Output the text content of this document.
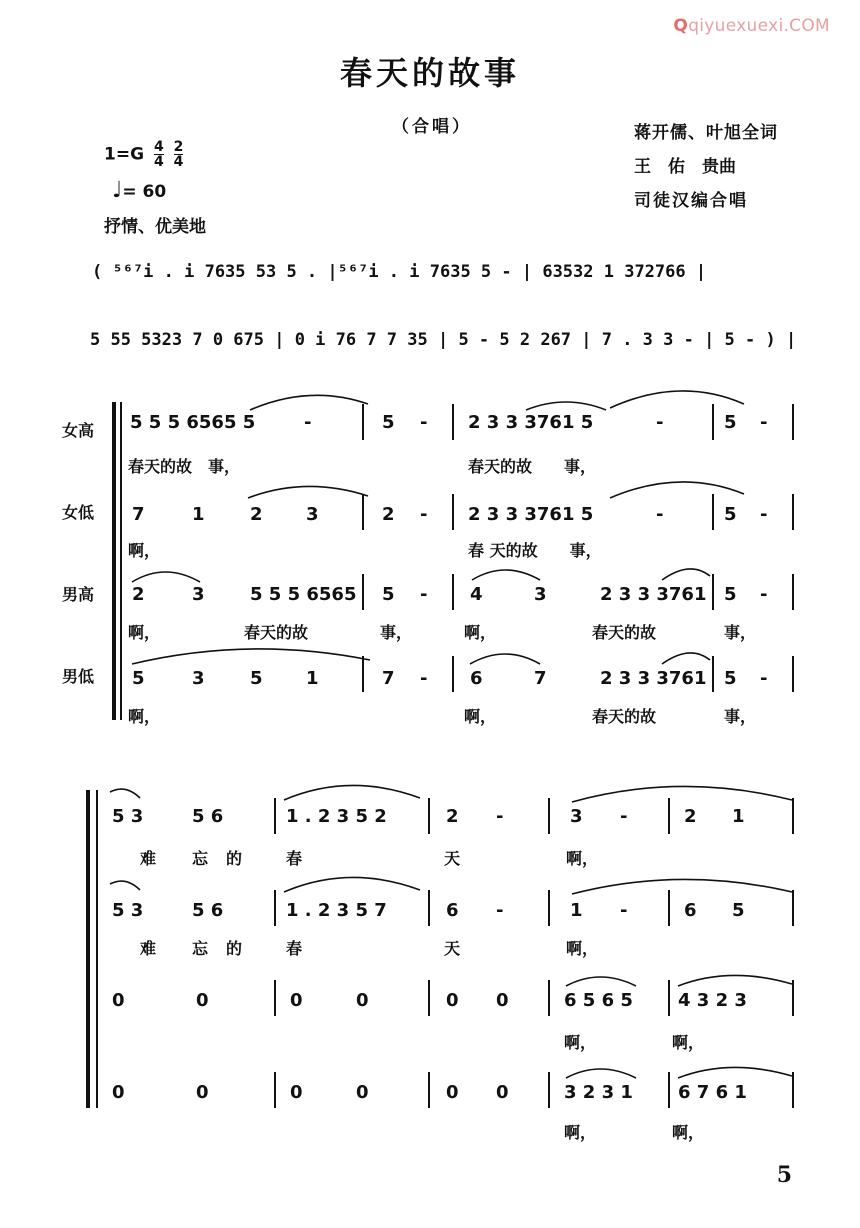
Qqiyuexuexi.COM
春天的故事
（合唱）	蒋开儒、叶旭全词
王　佑　贵曲
司徒汉编合唱
$1=G \frac{4}{4}$
$\frac{2}{4}$
♩= 60
抒情、优美地
( ⁵⁶⁷i . i 7635 53 5 . |⁵⁶⁷i . i 7635 5 - | 63532 1 372766 |
5 55 5323 7 0 675 | 0 i 76 7 7 35 | 5 - 5 2 267 | 7 . 3 3 - | 5 - ) |
女高
女低
男高
男低
5 5 5 6565 5	-	5 - 2 3 3 3761 5	-	5 -
春天的故　事，	春天的故　　事，
7	1	2 3	2 - 2 3 3 3761 5	-	5 -
啊，	春 天的故　　事，
2	3	5 5 5 6565 5 - 4	3	2 3 3 3761 5 -
啊，	春天的故	事，	啊，	春天的故	事，
5	3	5 1	7 - 6	7	2 3 3 3761 5 -
啊，	啊，	春天的故	事，
5 3	5 6	1 . 2 3 5 2	2 -	3 -	2 1
难 忘 的	春	天	啊，
5 3	5 6	1 . 2 3 5 7	6 -	1 -	6 5
难 忘 的	春	天	啊，
0	0	0	0	0 0	6 5 6 5	4 3 2 3
啊，	啊，
0	0	0	0	0 0	3 2 3 1	6 7 6 1
啊，	啊，
5
